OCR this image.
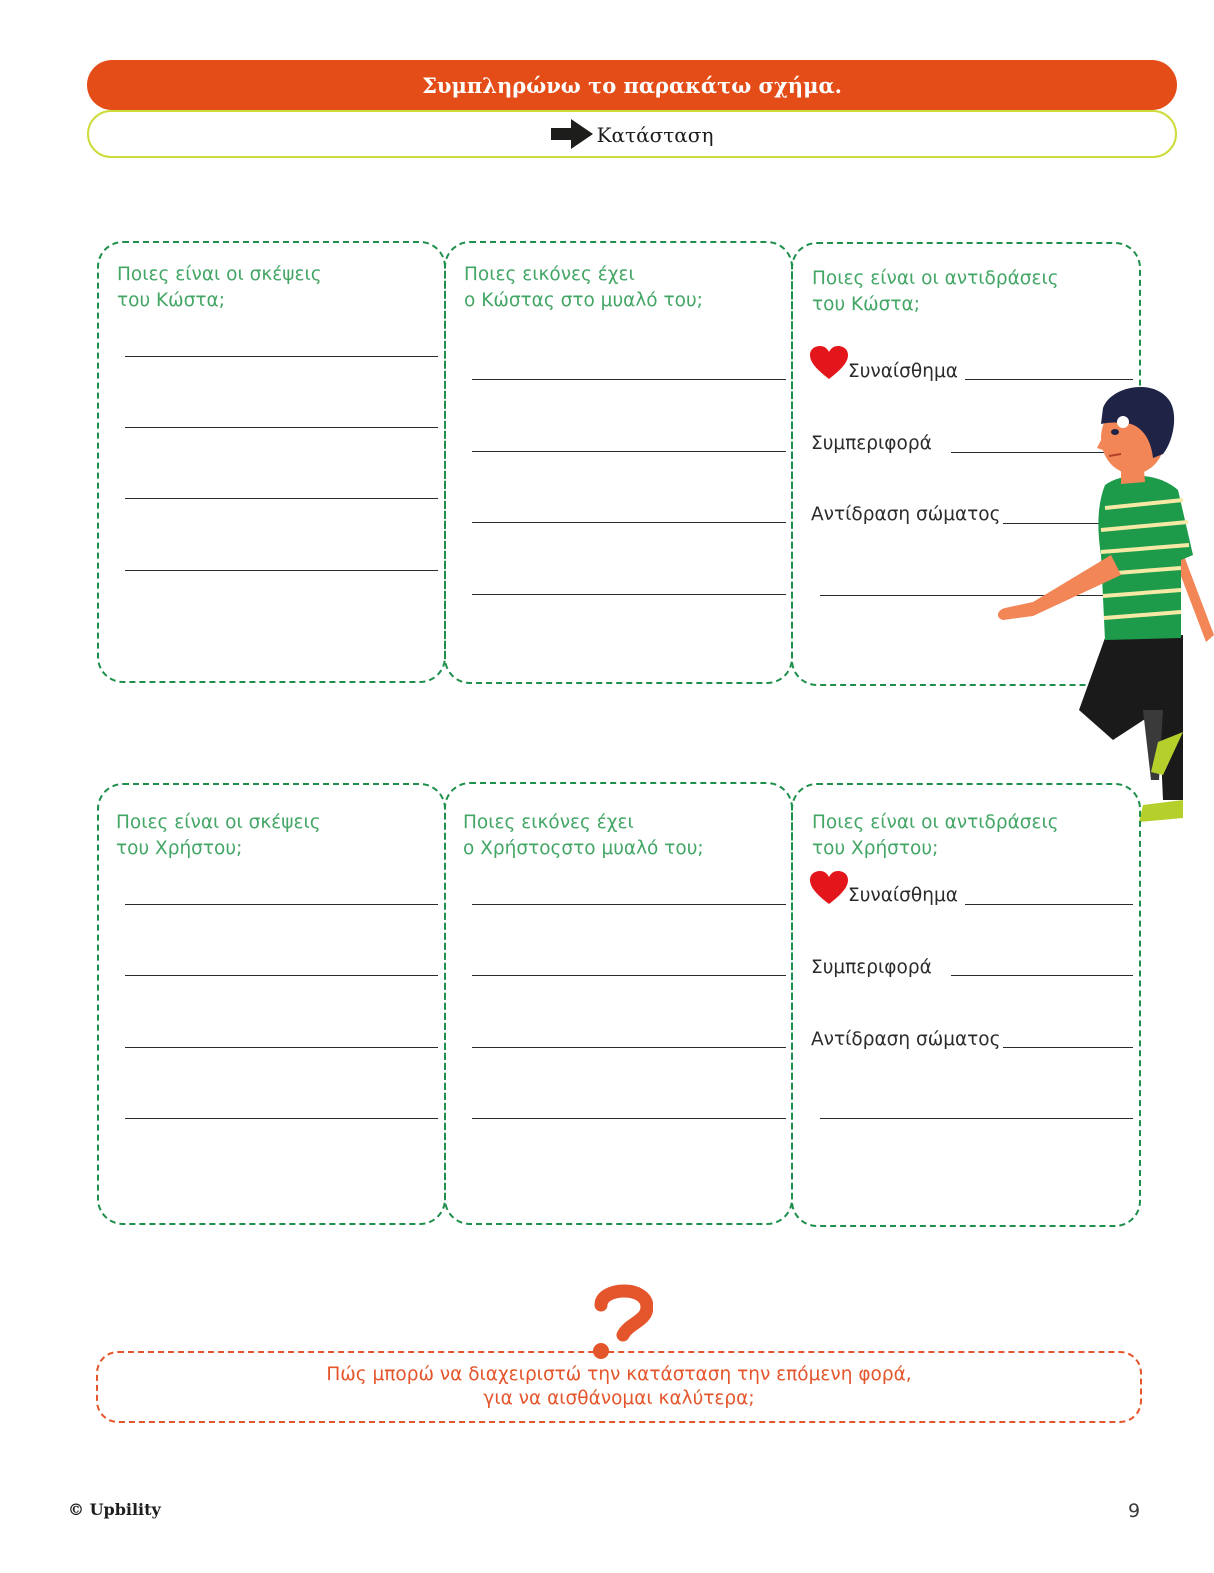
Συμπληρώνω το παρακάτω σχήμα.
Κατάσταση
Ποιες είναι οι σκέψεις
του Κώστα;
Ποιες εικόνες έχει
ο Κώστας στο μυαλό του;
Ποιες είναι οι αντιδράσεις
του Κώστα;
Συναίσθημα
Συμπεριφορά
Αντίδραση σώματος
Ποιες είναι οι σκέψεις
του Χρήστου;
Ποιες εικόνες έχει
ο Χρήστοςστο μυαλό του;
Ποιες είναι οι αντιδράσεις
του Χρήστου;
Συναίσθημα
Συμπεριφορά
Αντίδραση σώματος
Πώς μπορώ να διαχειριστώ την κατάσταση την επόμενη φορά,
για να αισθάνομαι καλύτερα;
© Upbility	9
